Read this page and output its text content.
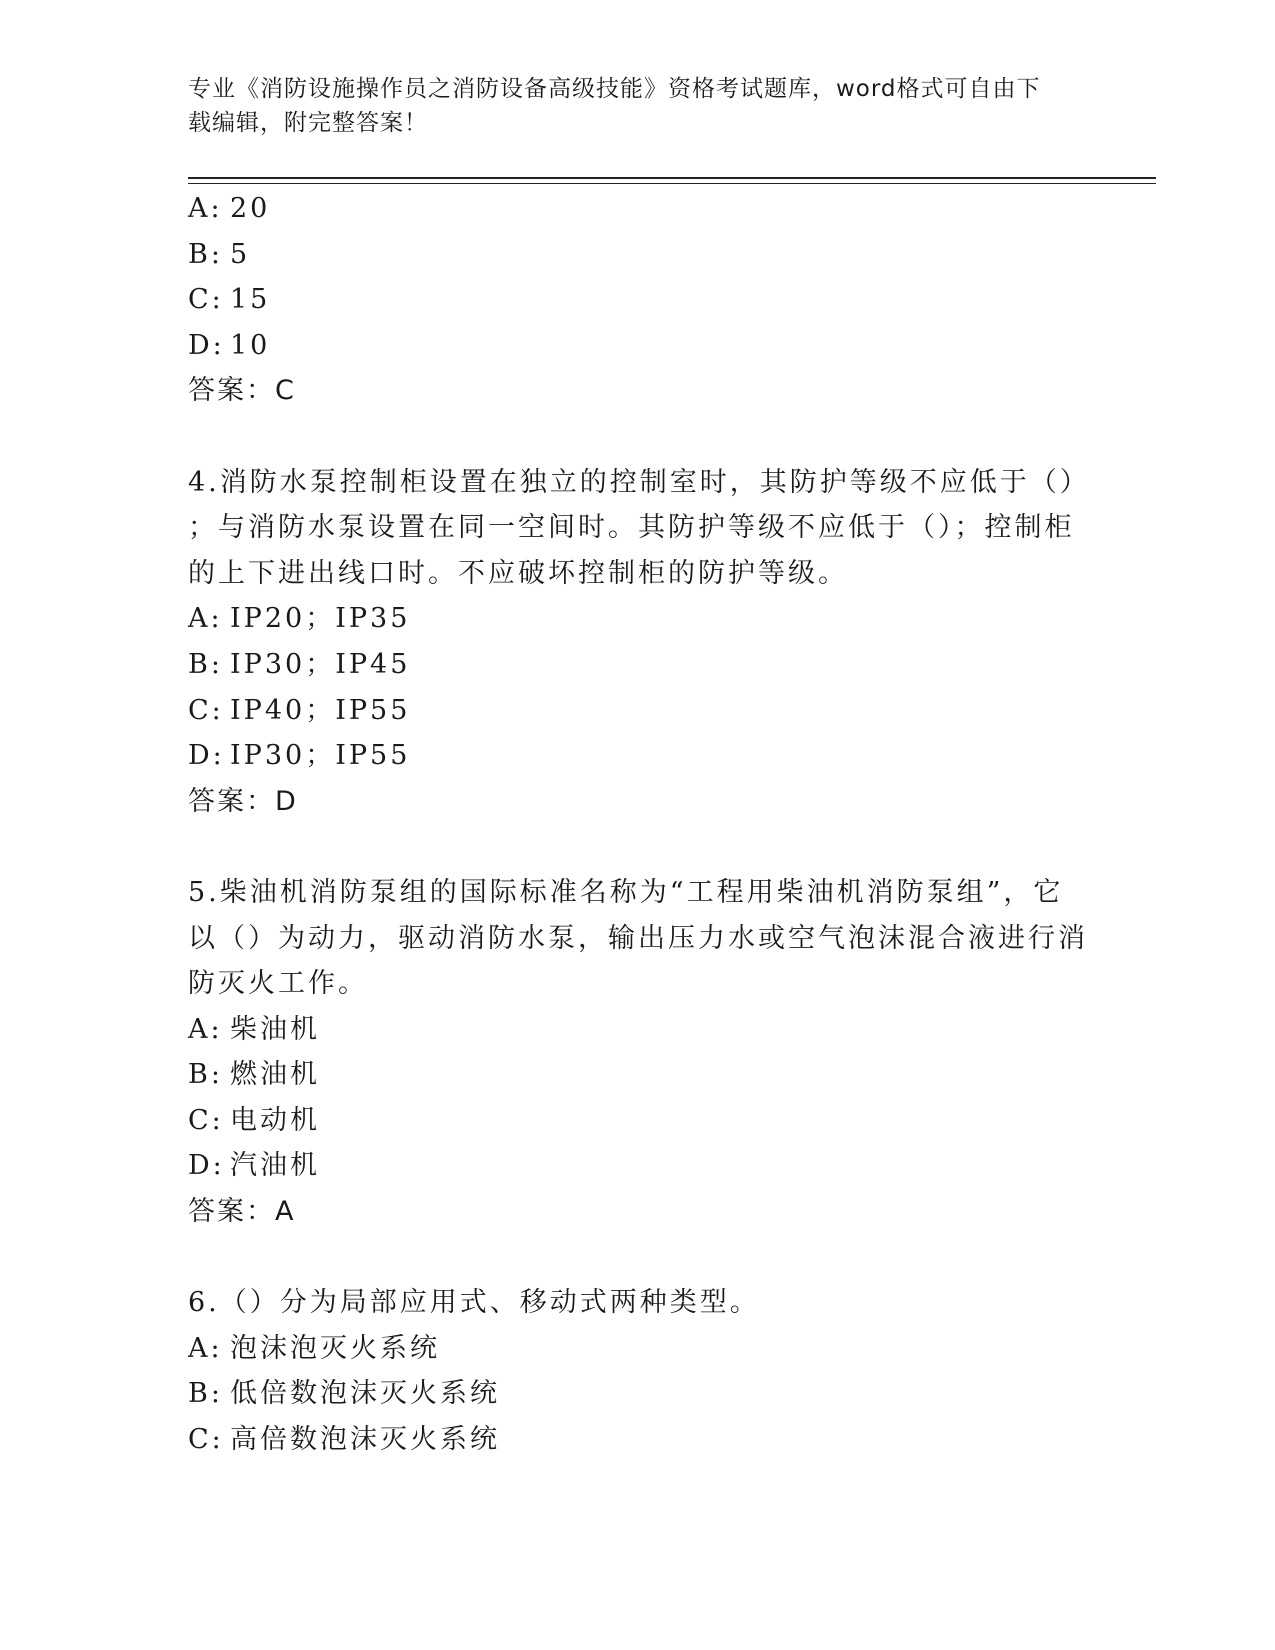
专业《消防设施操作员之消防设备高级技能》资格考试题库，word格式可自由下
载编辑，附完整答案！
A: 20
B: 5
C: 15
D: 10
答案：C
4.消防水泵控制柜设置在独立的控制室时，其防护等级不应低于（）
；与消防水泵设置在同一空间时。其防护等级不应低于（）；控制柜
的上下进出线口时。不应破坏控制柜的防护等级。
A: IP20；IP35
B: IP30；IP45
C: IP40；IP55
D: IP30；IP55
答案：D
5.柴油机消防泵组的国际标准名称为“工程用柴油机消防泵组”，它
以（）为动力，驱动消防水泵，输出压力水或空气泡沫混合液进行消
防灭火工作。
A: 柴油机
B: 燃油机
C: 电动机
D: 汽油机
答案：A
6.（）分为局部应用式、移动式两种类型。
A: 泡沫泡灭火系统
B: 低倍数泡沫灭火系统
C: 高倍数泡沫灭火系统
